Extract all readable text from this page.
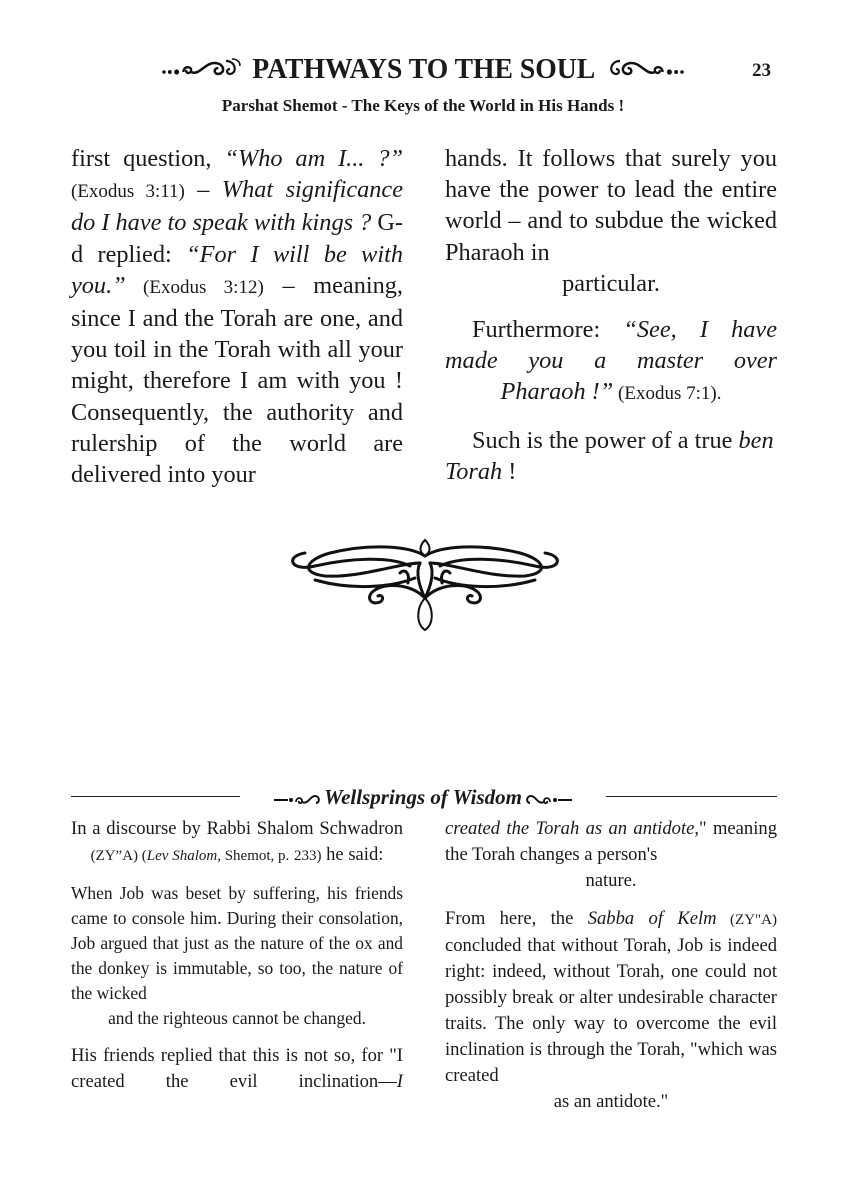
PATHWAYS TO THE SOUL	23
Parshat Shemot - The Keys of the World in His Hands !

first question, “Who am I... ?” (Exodus 3:11) – What significance do I have to speak with kings ? G-d replied: “For I will be with you.” (Exodus 3:12) – meaning, since I and the Torah are one, and you toil in the Torah with all your might, therefore I am with you ! Consequently, the authority and rulership of the world are delivered into your

hands. It follows that surely you have the power to lead the entire world – and to subdue the wicked Pharaoh in

particular.

Furthermore: “See, I have made you a master over

Pharaoh !” (Exodus 7:1).

Such is the power of a true ben Torah !

Wellsprings of Wisdom

In a discourse by Rabbi Shalom Schwadron (ZY”A) (Lev Shalom, Shemot, p. 233) he said:

When Job was beset by suffering, his friends came to console him. During their consolation, Job argued that just as the nature of the ox and the donkey is immutable, so too, the nature of the wicked

and the righteous cannot be changed.

His friends replied that this is not so, for "I created the evil inclination—I

created the Torah as an antidote," meaning the Torah changes a person's

nature.

From here, the Sabba of Kelm (ZY"A) concluded that without Torah, Job is indeed right: indeed, without Torah, one could not possibly break or alter undesirable character traits. The only way to overcome the evil inclination is through the Torah, "which was created

as an antidote."
